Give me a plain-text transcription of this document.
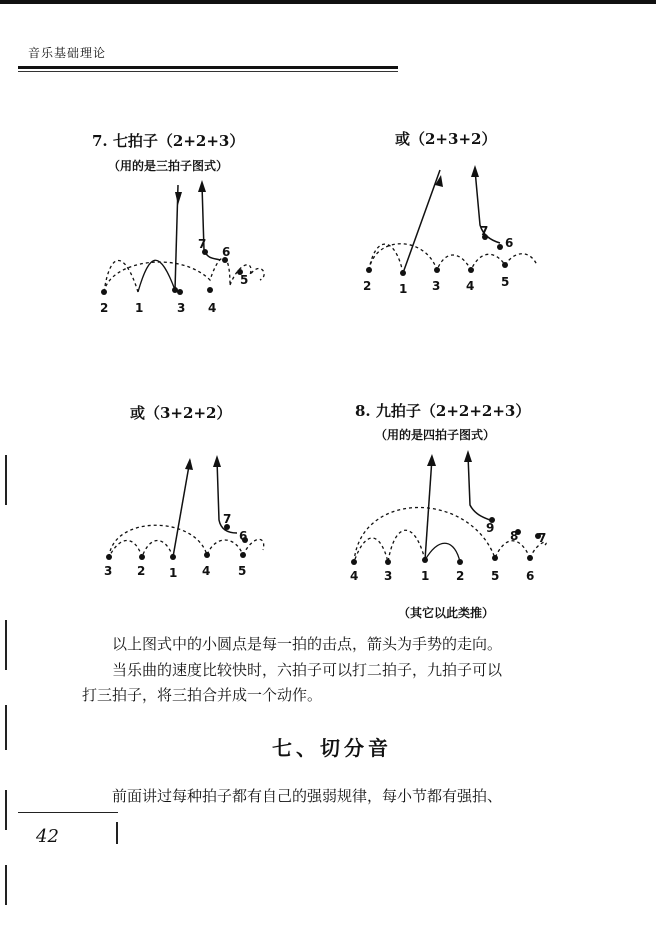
音乐基础理论
7. 七拍子（2+2+3）
（用的是三拍子图式）
1
2	3 4
5
6
7
或（2+3+2）
1
2	3 4 5
6
7
或（3+2+2）
1
2
3	4 5
6
7
8. 九拍子（2+2+2+3）
（用的是四拍子图式）
1 2
3
4	5 6
7
8
9
（其它以此类推）
以上图式中的小圆点是每一拍的击点，箭头为手势的走向。
当乐曲的速度比较快时，六拍子可以打二拍子，九拍子可以
打三拍子，将三拍合并成一个动作。
七、切分音
前面讲过每种拍子都有自己的强弱规律，每小节都有强拍、
42
